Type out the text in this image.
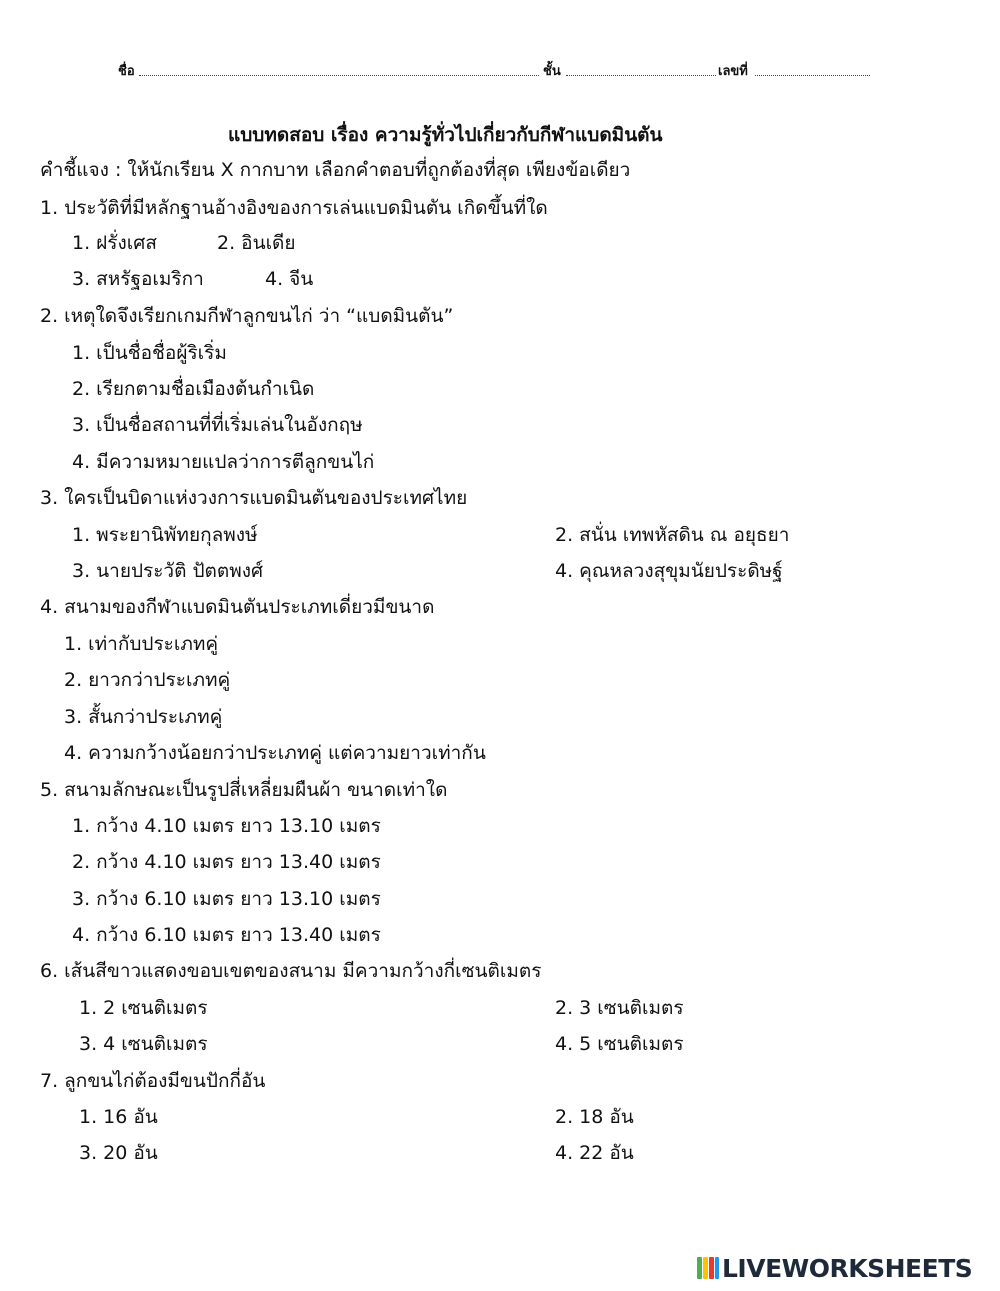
ชื่อ	ชั้น	เลขที่
แบบทดสอบ เรื่อง ความรู้ทั่วไปเกี่ยวกับกีฬาแบดมินตัน
คำชี้แจง : ให้นักเรียน X กากบาท เลือกคำตอบที่ถูกต้องที่สุด เพียงข้อเดียว
1. ประวัติที่มีหลักฐานอ้างอิงของการเล่นแบดมินตัน เกิดขึ้นที่ใด
1. ฝรั่งเศส	2. อินเดีย
3. สหรัฐอเมริกา	4. จีน
2. เหตุใดจึงเรียกเกมกีฬาลูกขนไก่ ว่า “แบดมินตัน”
1. เป็นชื่อชื่อผู้ริเริ่ม
2. เรียกตามชื่อเมืองต้นกำเนิด
3. เป็นชื่อสถานที่ที่เริ่มเล่นในอังกฤษ
4. มีความหมายแปลว่าการตีลูกขนไก่
3. ใครเป็นบิดาแห่งวงการแบดมินตันของประเทศไทย
1. พระยานิพัทยกุลพงษ์	2. สนั่น เทพหัสดิน ณ อยุธยา
3. นายประวัติ ปัตตพงศ์	4. คุณหลวงสุขุมนัยประดิษฐ์
4. สนามของกีฬาแบดมินตันประเภทเดี่ยวมีขนาด
1. เท่ากับประเภทคู่
2. ยาวกว่าประเภทคู่
3. สั้นกว่าประเภทคู่
4. ความกว้างน้อยกว่าประเภทคู่ แต่ความยาวเท่ากัน
5. สนามลักษณะเป็นรูปสี่เหลี่ยมผืนผ้า ขนาดเท่าใด
1. กว้าง 4.10 เมตร ยาว 13.10 เมตร
2. กว้าง 4.10 เมตร ยาว 13.40 เมตร
3. กว้าง 6.10 เมตร ยาว 13.10 เมตร
4. กว้าง 6.10 เมตร ยาว 13.40 เมตร
6. เส้นสีขาวแสดงขอบเขตของสนาม มีความกว้างกี่เซนติเมตร
1. 2 เซนติเมตร	2. 3 เซนติเมตร
3. 4 เซนติเมตร	4. 5 เซนติเมตร
7. ลูกขนไก่ต้องมีขนปักกี่อัน
1. 16 อัน	2. 18 อัน
3. 20 อัน	4. 22 อัน
LIVEWORKSHEETS
